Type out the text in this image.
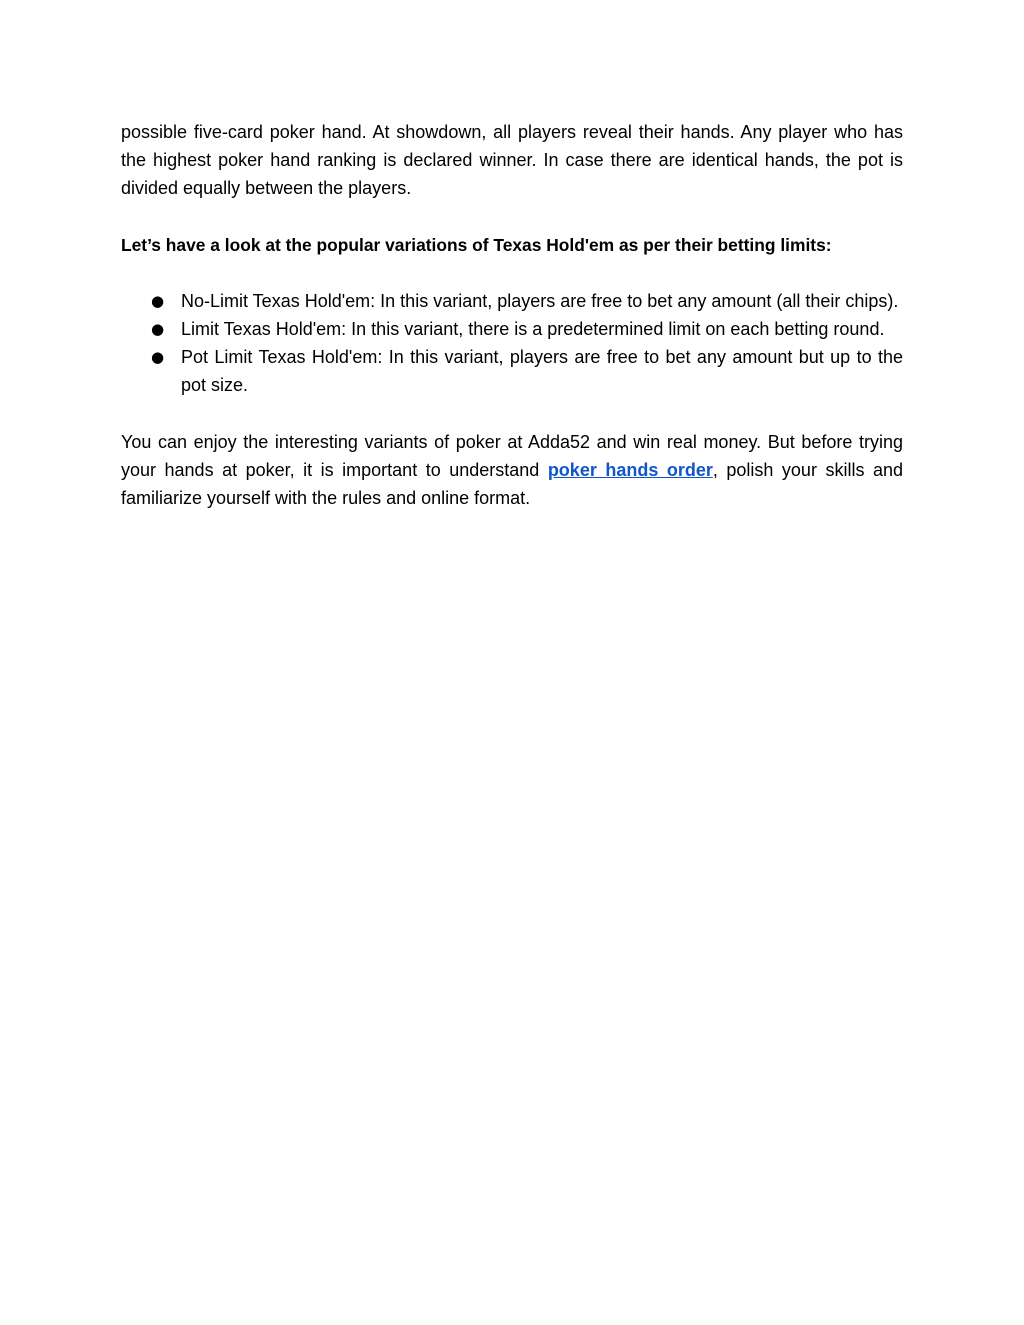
possible five-card poker hand. At showdown, all players reveal their hands. Any player who has the highest poker hand ranking is declared winner. In case there are identical hands, the pot is divided equally between the players.

Let’s have a look at the popular variations of Texas Hold'em as per their betting limits:

● No-Limit Texas Hold'em: In this variant, players are free to bet any amount (all their chips).
● Limit Texas Hold'em: In this variant, there is a predetermined limit on each betting round.
● Pot Limit Texas Hold'em: In this variant, players are free to bet any amount but up to the pot size.

You can enjoy the interesting variants of poker at Adda52 and win real money. But before trying your hands at poker, it is important to understand poker hands order, polish your skills and familiarize yourself with the rules and online format.
